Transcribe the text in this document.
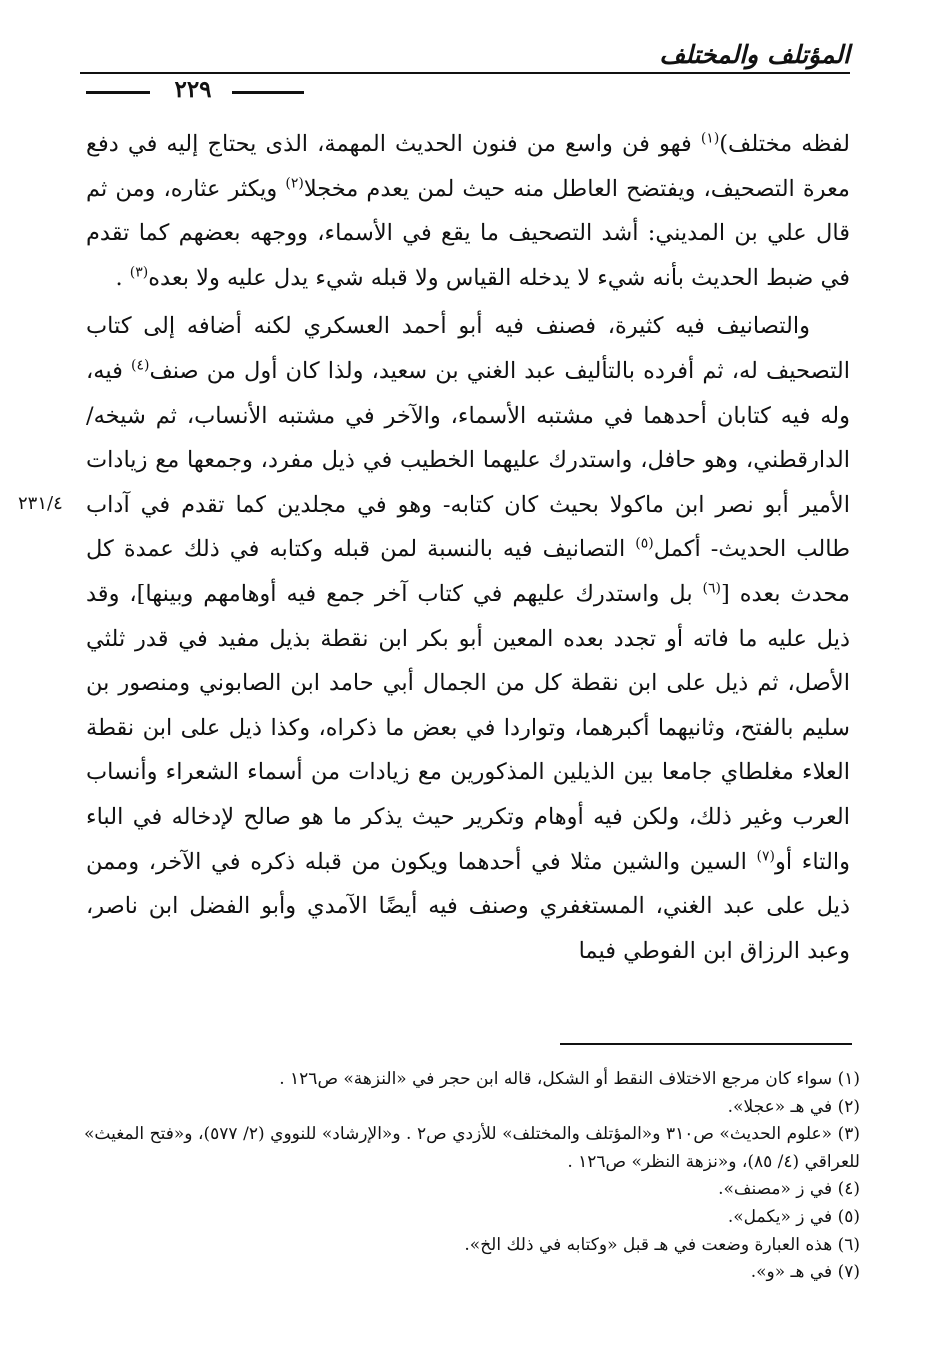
المؤتلف والمختلف
٢٢٩
٢٣١/٤

لفظه مختلف)$^{(١)}$ فهو فن واسع من فنون الحديث المهمة، الذى يحتاج إليه في دفع معرة التصحيف، ويفتضح العاطل منه حيث لمن يعدم مخجلا$^{(٢)}$ ويكثر عثاره، ومن ثم قال علي بن المديني: أشد التصحيف ما يقع في الأسماء، ووجهه بعضهم كما تقدم في ضبط الحديث بأنه شيء لا يدخله القياس ولا قبله شيء يدل عليه ولا بعده$^{(٣)}$ .

والتصانيف فيه كثيرة، فصنف فيه أبو أحمد العسكري لكنه أضافه إلى كتاب التصحيف له، ثم أفرده بالتأليف عبد الغني بن سعيد، ولذا كان أول من صنف$^{(٤)}$ فيه، وله فيه كتابان أحدهما في مشتبه الأسماء، والآخر في مشتبه الأنساب، ثم شيخه/ الدارقطني، وهو حافل، واستدرك عليهما الخطيب في ذيل مفرد، وجمعها مع زيادات الأمير أبو نصر ابن ماكولا بحيث كان كتابه- وهو في مجلدين كما تقدم في آداب طالب الحديث- أكمل$^{(٥)}$ التصانيف فيه بالنسبة لمن قبله وكتابه في ذلك عمدة كل محدث بعده [$^{(٦)}$ بل واستدرك عليهم في كتاب آخر جمع فيه أوهامهم وبينها]، وقد ذيل عليه ما فاته أو تجدد بعده المعين أبو بكر ابن نقطة بذيل مفيد في قدر ثلثي الأصل، ثم ذيل على ابن نقطة كل من الجمال أبي حامد ابن الصابوني ومنصور بن سليم بالفتح، وثانيهما أكبرهما، وتواردا في بعض ما ذكراه، وكذا ذيل على ابن نقطة العلاء مغلطاي جامعا بين الذيلين المذكورين مع زيادات من أسماء الشعراء وأنساب العرب وغير ذلك، ولكن فيه أوهام وتكرير حيث يذكر ما هو صالح لإدخاله في الباء والتاء أو$^{(٧)}$ السين والشين مثلا في أحدهما ويكون من قبله ذكره في الآخر، وممن ذيل على عبد الغني، المستغفري وصنف فيه أيضًا الآمدي وأبو الفضل ابن ناصر، وعبد الرزاق ابن الفوطي فيما

(١) سواء كان مرجع الاختلاف النقط أو الشكل، قاله ابن حجر في «النزهة» ص١٢٦ .
(٢) في هـ «عجلا».
(٣) «علوم الحديث» ص٣١٠ و«المؤتلف والمختلف» للأزدي ص٢ . و«الإرشاد» للنووي (٢/ ٥٧٧)، و«فتح المغيث» للعراقي (٤/ ٨٥)، و«نزهة النظر» ص١٢٦ .
(٤) في ز «مصنف».
(٥) في ز «يكمل».
(٦) هذه العبارة وضعت في هـ قبل «وكتابه في ذلك الخ».
(٧) في هـ «و».
